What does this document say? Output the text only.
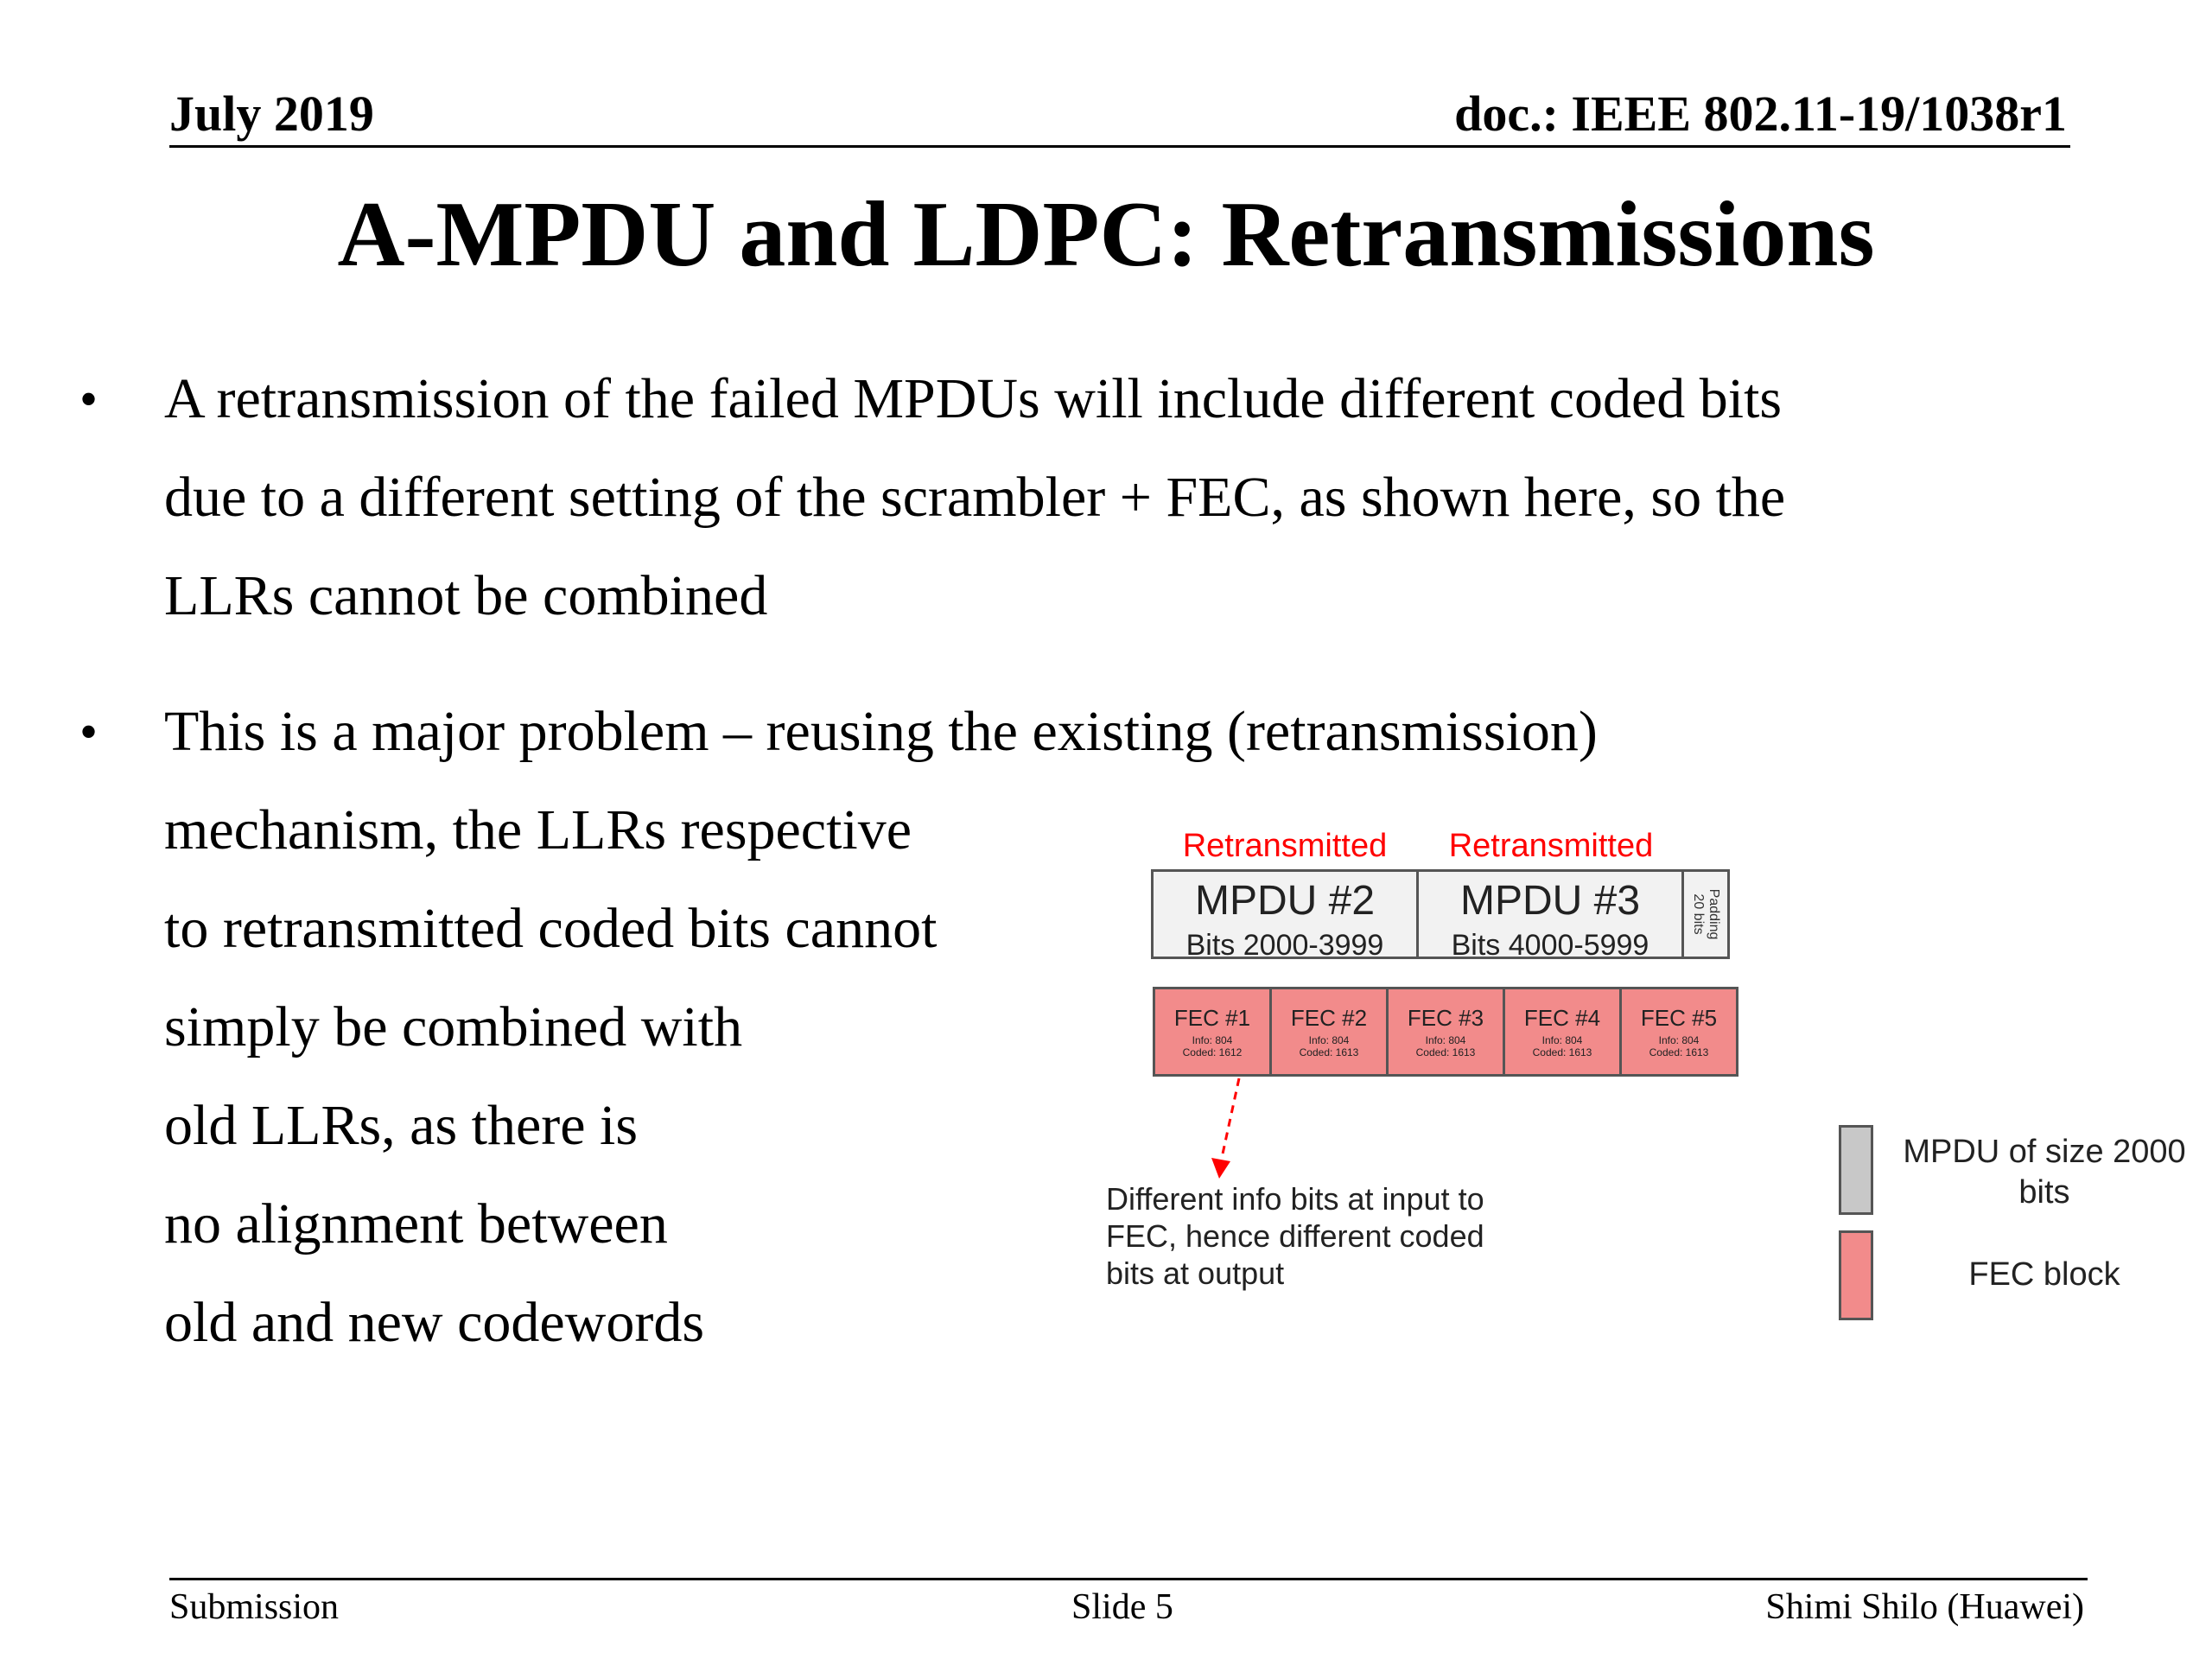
July 2019	doc.: IEEE 802.11-19/1038r1
A-MPDU and LDPC: Retransmissions
• A retransmission of the failed MPDUs will include different coded bits
due to a different setting of the scrambler + FEC, as shown here, so the
LLRs cannot be combined
• This is a major problem – reusing the existing (retransmission)
mechanism, the LLRs respective
to retransmitted coded bits cannot
simply be combined with
old LLRs, as there is
no alignment between
old and new codewords
Retransmitted	Retransmitted
MPDU #2
Bits 2000-3999
MPDU #3
Bits 4000-5999
Padding
20 bits
FEC #1
Info: 804
Coded: 1612
FEC #2
Info: 804
Coded: 1613
FEC #3
Info: 804
Coded: 1613
FEC #4
Info: 804
Coded: 1613
FEC #5
Info: 804
Coded: 1613
Different info bits at input to
FEC, hence different coded
bits at output
MPDU of size 2000
bits
FEC block
Submission	Slide 5	Shimi Shilo (Huawei)
